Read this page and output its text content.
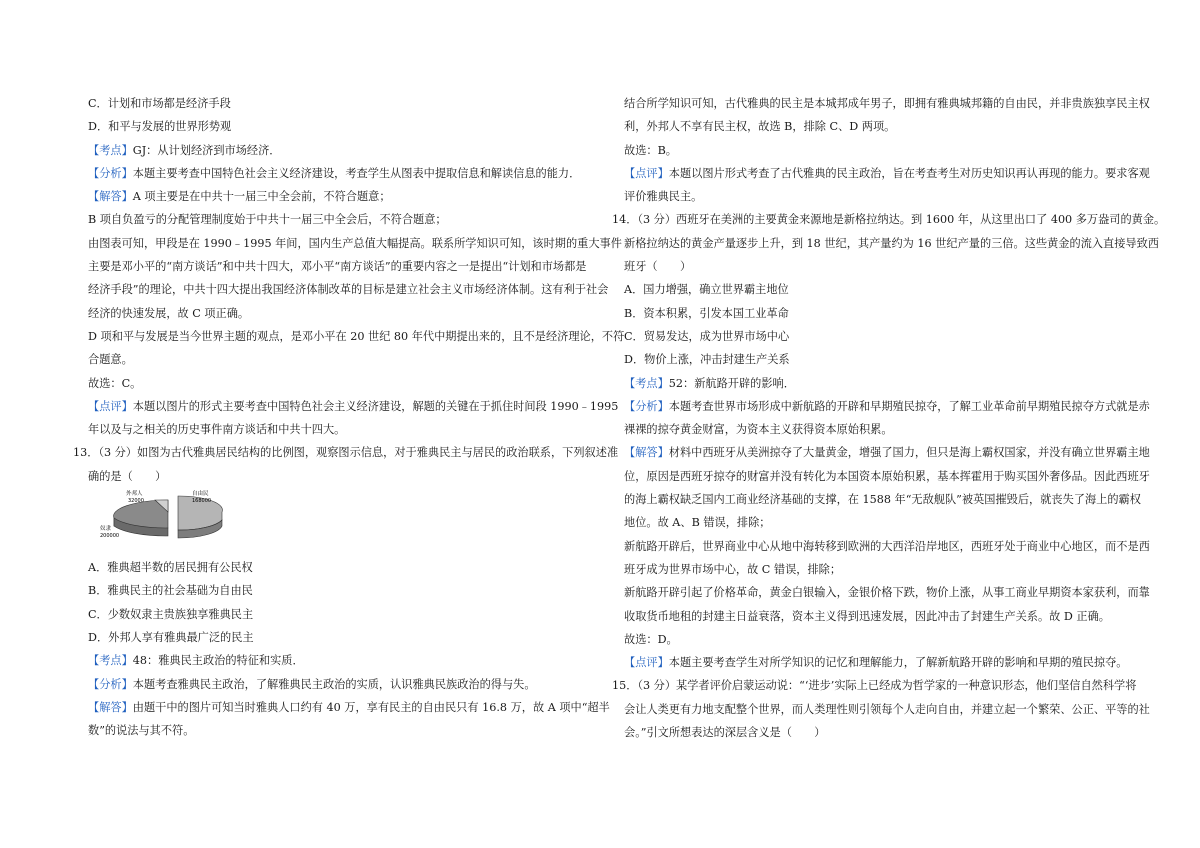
C．计划和市场都是经济手段
D．和平与发展的世界形势观
【考点】GJ：从计划经济到市场经济．
【分析】本题主要考查中国特色社会主义经济建设，考查学生从图表中提取信息和解读信息的能力．
【解答】A 项主要是在中共十一届三中全会前，不符合题意；
B 项自负盈亏的分配管理制度始于中共十一届三中全会后，不符合题意；
由图表可知，甲段是在 1990﹣1995 年间，国内生产总值大幅提高。联系所学知识可知，该时期的重大事件
主要是邓小平的“南方谈话”和中共十四大，邓小平“南方谈话”的重要内容之一是提出“计划和市场都是
经济手段”的理论，中共十四大提出我国经济体制改革的目标是建立社会主义市场经济体制。这有利于社会
经济的快速发展，故 C 项正确。
D 项和平与发展是当今世界主题的观点，是邓小平在 20 世纪 80 年代中期提出来的，且不是经济理论，不符
合题意。
故选：C。
【点评】本题以图片的形式主要考查中国特色社会主义经济建设，解题的关键在于抓住时间段 1990﹣1995
年以及与之相关的历史事件南方谈话和中共十四大。
13．（3 分）如图为古代雅典居民结构的比例图，观察图示信息，对于雅典民主与居民的政治联系，下列叙述准
确的是（　　）
外邦人
32000
自由民
168000
奴隶
200000
A．雅典超半数的居民拥有公民权
B．雅典民主的社会基础为自由民
C．少数奴隶主贵族独享雅典民主
D．外邦人享有雅典最广泛的民主
【考点】48：雅典民主政治的特征和实质．
【分析】本题考查雅典民主政治，了解雅典民主政治的实质，认识雅典民族政治的得与失。
【解答】由题干中的图片可知当时雅典人口约有 40 万，享有民主的自由民只有 16.8 万，故 A 项中“超半
数”的说法与其不符。
结合所学知识可知，古代雅典的民主是本城邦成年男子，即拥有雅典城邦籍的自由民，并非贵族独享民主权
利，外邦人不享有民主权，故选 B，排除 C、D 两项。
故选：B。
【点评】本题以图片形式考查了古代雅典的民主政治，旨在考查考生对历史知识再认再现的能力。要求客观
评价雅典民主。
14．（3 分）西班牙在美洲的主要黄金来源地是新格拉纳达。到 1600 年，从这里出口了 400 多万盎司的黄金。
新格拉纳达的黄金产量逐步上升，到 18 世纪，其产量约为 16 世纪产量的三倍。这些黄金的流入直接导致西
班牙（　　）
A．国力增强，确立世界霸主地位
B．资本积累，引发本国工业革命
C．贸易发达，成为世界市场中心
D．物价上涨，冲击封建生产关系
【考点】52：新航路开辟的影响．
【分析】本题考查世界市场形成中新航路的开辟和早期殖民掠夺，了解工业革命前早期殖民掠夺方式就是赤
裸裸的掠夺黄金财富，为资本主义获得资本原始积累。
【解答】材料中西班牙从美洲掠夺了大量黄金，增强了国力，但只是海上霸权国家，并没有确立世界霸主地
位，原因是西班牙掠夺的财富并没有转化为本国资本原始积累，基本挥霍用于购买国外奢侈品。因此西班牙
的海上霸权缺乏国内工商业经济基础的支撑，在 1588 年“无敌舰队”被英国摧毁后，就丧失了海上的霸权
地位。故 A、B 错误，排除；
新航路开辟后，世界商业中心从地中海转移到欧洲的大西洋沿岸地区，西班牙处于商业中心地区，而不是西
班牙成为世界市场中心，故 C 错误，排除；
新航路开辟引起了价格革命，黄金白银输入，金银价格下跌，物价上涨，从事工商业早期资本家获利，而靠
收取货币地租的封建主日益衰落，资本主义得到迅速发展，因此冲击了封建生产关系。故 D 正确。
故选：D。
【点评】本题主要考查学生对所学知识的记忆和理解能力，了解新航路开辟的影响和早期的殖民掠夺。
15．（3 分）某学者评价启蒙运动说：“‘进步’实际上已经成为哲学家的一种意识形态，他们坚信自然科学将
会让人类更有力地支配整个世界，而人类理性则引领每个人走向自由，并建立起一个繁荣、公正、平等的社
会。”引文所想表达的深层含义是（　　）
